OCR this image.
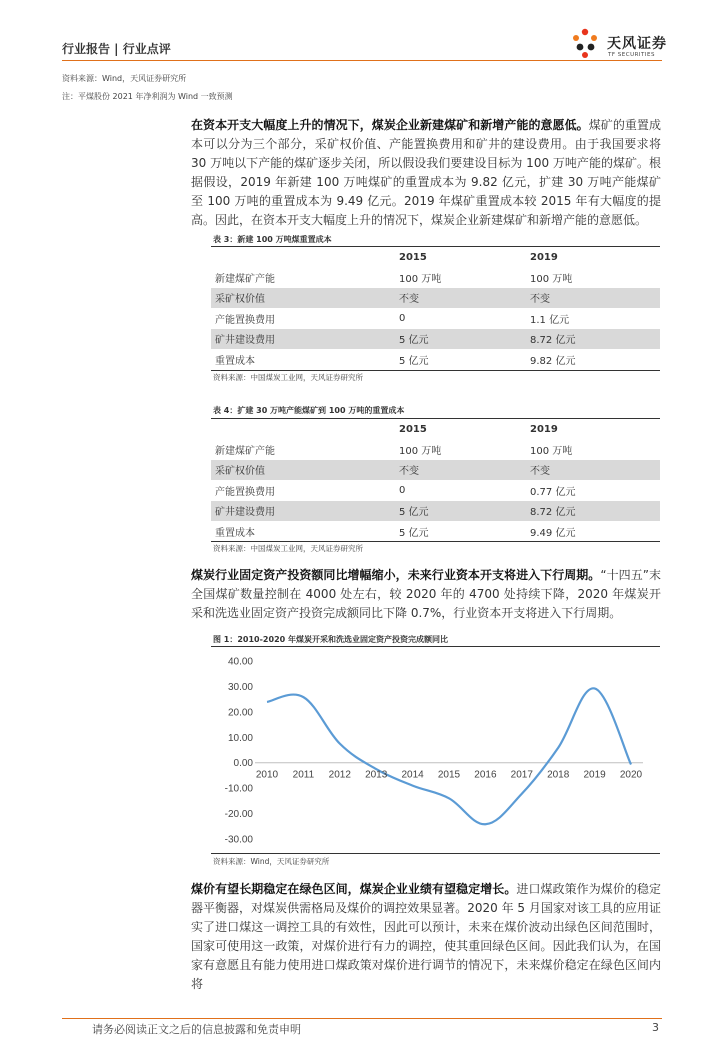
行业报告 | 行业点评	天风证券
TF SECURITIES
资料来源：Wind，天风证券研究所
注：平煤股份 2021 年净利润为 Wind 一致预测

在资本开支大幅度上升的情况下，煤炭企业新建煤矿和新增产能的意愿低。煤矿的重置成本可以分为三个部分，采矿权价值、产能置换费用和矿井的建设费用。由于我国要求将 30 万吨以下产能的煤矿逐步关闭，所以假设我们要建设目标为 100 万吨产能的煤矿。根据假设，2019 年新建 100 万吨煤矿的重置成本为 9.82 亿元，扩建 30 万吨产能煤矿至 100 万吨的重置成本为 9.49 亿元。2019 年煤矿重置成本较 2015 年有大幅度的提高。因此，在资本开支大幅度上升的情况下，煤炭企业新建煤矿和新增产能的意愿低。

表 3：新建 100 万吨煤重置成本
	2015	2019
新建煤矿产能	100 万吨	100 万吨
采矿权价值	不变	不变
产能置换费用	0	1.1 亿元
矿井建设费用	5 亿元	8.72 亿元
重置成本	5 亿元	9.82 亿元
资料来源：中国煤炭工业网，天风证券研究所
表 4：扩建 30 万吨产能煤矿到 100 万吨的重置成本
	2015	2019
新建煤矿产能	100 万吨	100 万吨
采矿权价值	不变	不变
产能置换费用	0	0.77 亿元
矿井建设费用	5 亿元	8.72 亿元
重置成本	5 亿元	9.49 亿元
资料来源：中国煤炭工业网，天风证券研究所

煤炭行业固定资产投资额同比增幅缩小，未来行业资本开支将进入下行周期。“十四五”末全国煤矿数量控制在 4000 处左右，较 2020 年的 4700 处持续下降，2020 年煤炭开采和洗选业固定资产投资完成额同比下降 0.7%，行业资本开支将进入下行周期。

图 1：2010-2020 年煤炭开采和洗选业固定资产投资完成额同比
40.00
30.00
20.00
10.00
0.00
-10.00
-20.00
-30.00
2010 2011 2012 2013 2014 2015 2016 2017 2018 2019 2020
资料来源：Wind，天风证券研究所

煤价有望长期稳定在绿色区间，煤炭企业业绩有望稳定增长。进口煤政策作为煤价的稳定器平衡器，对煤炭供需格局及煤价的调控效果显著。2020 年 5 月国家对该工具的应用证实了进口煤这一调控工具的有效性，因此可以预计，未来在煤价波动出绿色区间范围时，国家可使用这一政策，对煤价进行有力的调控，使其重回绿色区间。因此我们认为，在国家有意愿且有能力使用进口煤政策对煤价进行调节的情况下，未来煤价稳定在绿色区间内将

请务必阅读正文之后的信息披露和免责申明	3
